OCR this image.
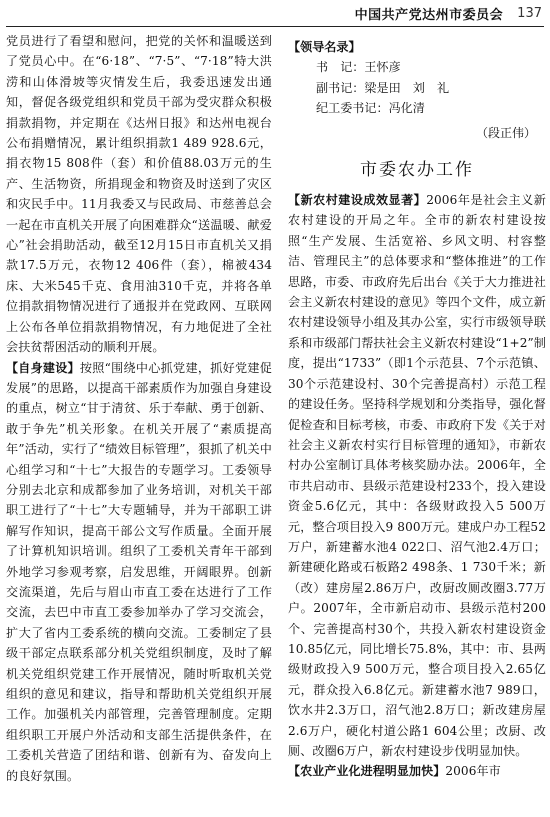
中国共产党达州市委员会 137

党员进行了看望和慰问，把党的关怀和温暖送到了党员心中。在“6·18”、“7·5”、“7·18”特大洪涝和山体滑坡等灾情发生后，我委迅速发出通知，督促各级党组织和党员干部为受灾群众积极捐款捐物，并定期在《达州日报》和达州电视台公布捐赠情况，累计组织捐款1 489 928.6元，捐衣物15 808件（套）和价值88.03万元的生产、生活物资，所捐现金和物资及时送到了灾区和灾民手中。11月我委又与民政局、市慈善总会一起在市直机关开展了向困难群众“送温暖、献爱心”社会捐助活动，截至12月15日市直机关又捐款17.5万元，衣物12 406件（套），棉被434床、大米545千克、食用油310千克，并将各单位捐款捐物情况进行了通报并在党政网、互联网上公布各单位捐款捐物情况，有力地促进了全社会扶贫帮困活动的顺利开展。

【自身建设】按照“围绕中心抓党建，抓好党建促发展”的思路，以提高干部素质作为加强自身建设的重点，树立“甘于清贫、乐于奉献、勇于创新、敢于争先”机关形象。在机关开展了“素质提高年”活动，实行了“绩效目标管理”，狠抓了机关中心组学习和“十七”大报告的专题学习。工委领导分别去北京和成都参加了业务培训，对机关干部职工进行了“十七”大专题辅导，并为干部职工讲解写作知识，提高干部公文写作质量。全面开展了计算机知识培训。组织了工委机关青年干部到外地学习参观考察，启发思维，开阔眼界。创新交流渠道，先后与眉山市直工委在达进行了工作交流，去巴中市直工委参加举办了学习交流会，扩大了省内工委系统的横向交流。工委制定了县级干部定点联系部分机关党组织制度，及时了解机关党组织党建工作开展情况，随时听取机关党组织的意见和建议，指导和帮助机关党组织开展工作。加强机关内部管理，完善管理制度。定期组织职工开展户外活动和支部生活提供条件，在工委机关营造了团结和谐、创新有为、奋发向上的良好氛围。

【领导名录】
书　记：王怀彦
副书记：梁是田　刘　礼
纪工委书记：冯化清
（段正伟）
市委农办工作

【新农村建设成效显著】2006年是社会主义新农村建设的开局之年。全市的新农村建设按照“生产发展、生活宽裕、乡风文明、村容整洁、管理民主”的总体要求和“整体推进”的工作思路，市委、市政府先后出台《关于大力推进社会主义新农村建设的意见》等四个文件，成立新农村建设领导小组及其办公室，实行市级领导联系和市级部门帮扶社会主义新农村建设“1+2”制度，提出“1733”（即1个示范县、7个示范镇、30个示范建设村、30个完善提高村）示范工程的建设任务。坚持科学规划和分类指导，强化督促检查和目标考核，市委、市政府下发《关于对社会主义新农村实行目标管理的通知》，市新农村办公室制订具体考核奖励办法。2006年，全市共启动市、县级示范建设村233个，投入建设资金5.6亿元，其中：各级财政投入5 500万元，整合项目投入9 800万元。建成户办工程52万户，新建蓄水池4 022口、沼气池2.4万口；新建硬化路或石板路2 498条、1 730千米；新（改）建房屋2.86万户，改厨改厕改圈3.77万户。2007年，全市新启动市、县级示范村200个、完善提高村30个，共投入新农村建设资金10.85亿元，同比增长75.8%，其中：市、县两级财政投入9 500万元，整合项目投入2.65亿元，群众投入6.8亿元。新建蓄水池7 989口，饮水井2.3万口，沼气池2.8万口；新改建房屋2.6万户，硬化村道公路1 604公里；改厨、改厕、改圈6万户，新农村建设步伐明显加快。

【农业产业化进程明显加快】2006年市
